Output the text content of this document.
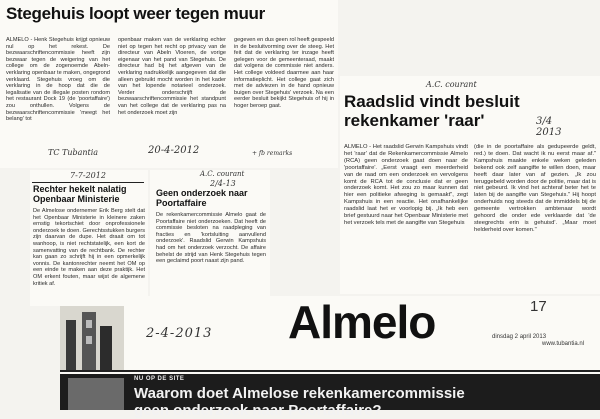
Stegehuis loopt weer tegen muur
ALMELO - Henk Stegehuis krijgt opnieuw nul op het rekest. De bezwaarschriftencommissie heeft zijn bezwaar tegen de weigering van het college om de zogenoemde Abeln-verklaring openbaar te maken, ongegrond verklaard. Stegehuis vroeg om die verklaring in de hoop dat die de legalisatie van de illegale posten rondom het restaurant Dock 19 (de 'poortaffaire') zou onthullen. Volgens de bezwaarschriftencommissie 'meegt het belang' tot
openbaar maken van de verklaring echter niet op tegen het recht op privacy van de directeur van Abeln Vloeren, de vorige eigenaar van het pand van Stegehuis. De directeur had bij het afgeven van de verklaring nadrukkelijk aangegeven dat die alleen gebruikt mocht worden in het kader van het lopende notarieel onderzoek. Verder onderschrijft de bezwaarschriftencommissie het standpunt van het college dat de verklaring pas na het onderzoek moet zijn
gegeven en dus geen rol heeft gespeeld in de besluitvorming over de steeg. Het feit dat de verklaring ter inzage heeft gelegen voor de gemeenteraad, maakt dat volgens de commissie niet anders. Het college voldeed daarmee aan haar informatieplicht. Het college gaat zich met de adviezen in de hand opnieuw buigen over Stegehuis' verzoek. Na een eerder besluit bekijkt Stegehuis of hij in hoger beroep gaat.
TC Tubantia	20-4-2012	+ fb remarks
A.C. courant
3/4 2013
Raadslid vindt besluit
rekenkamer 'raar'
ALMELO - Het raadslid Gerwin Kampshuis vindt het 'raar' dat de Rekenkamercommissie Almelo (RCA) geen onderzoek gaat doen naar de 'poortaffaire'. „Eerst vraagt een meerderheid van de raad om een onderzoek en vervolgens komt de RCA tot de conclusie dat er geen onderzoek komt. Het zou zo maar kunnen dat hier een politieke afweging is gemaakt", zegt Kampshuis in een reactie. Het onafhankelijke raadslid laat het er voorlopig bij. „Ik heb een brief gestuurd naar het Openbaar Ministerie met het verzoek tels met de aangifte van Stegehuis
(die in de poortaffaire als gedupeerde geldt, red.) te doen. Dat wacht ik nu eerst maar af." Kampshuis maakte enkele weken geleden bekend ook zelf aangifte te willen doen, maar heeft daar later van af gezien. „Ik zou teruggebeld worden door de politie, maar dat is niet gebeurd. Ik vind het achteraf beter het te laten bij de aangifte van Stegehuis." Hij hoopt onderhuids nog steeds dat de immiddels bij de gemeente vertrokken ambtenaar wordt gehoord die onder ede verklaarde dat 'de steegrechts erin is gehuisd'. „Maar moet helderheid over komen."
7-7-2012
Rechter hekelt nalatig Openbaar Ministerie
De Almelose ondernemer Erik Berg stelt dat het Openbaar Ministerie in kleinere zaken ernstig tekortschiet door onprofessionele onderzoek te doen. Gerechtsstukken burgers zijn daarvan de dupe. Het draait om tot wanhoop, is niet rechtstatelijk, een kort de samenvatting van de rechtbank. De rechter kan gaan zo schrijft hij in een opmerkelijk vonnis. De kantonrechter neemt het OM op een einde te maken aan deze praktijk. Het OM erkent fouten, maar wijst de algemene kritiek af.
A.C. courant
2/4-13
Geen onderzoek naar Poortaffaire
De rekenkamercommissie Almelo gaat de Poortaffaire niet onderzoeken. Dat heeft de commissie besloten na raadpleging van fracties en 'kortsluiting aanvullend onderzoek'. Raadslid Gerwin Kampshuis had om het onderzoek verzocht. De affaire behelst de strijd van Henk Stegehuis tegen een geclaimd poort naast zijn pand.
2-4-2013 Almelo	17
dinsdag 2 april 2013
www.tubantia.nl
NU OP DE SITE
Waarom doet Almelose rekenkamercommissie
geen onderzoek naar Poortaffaire?
